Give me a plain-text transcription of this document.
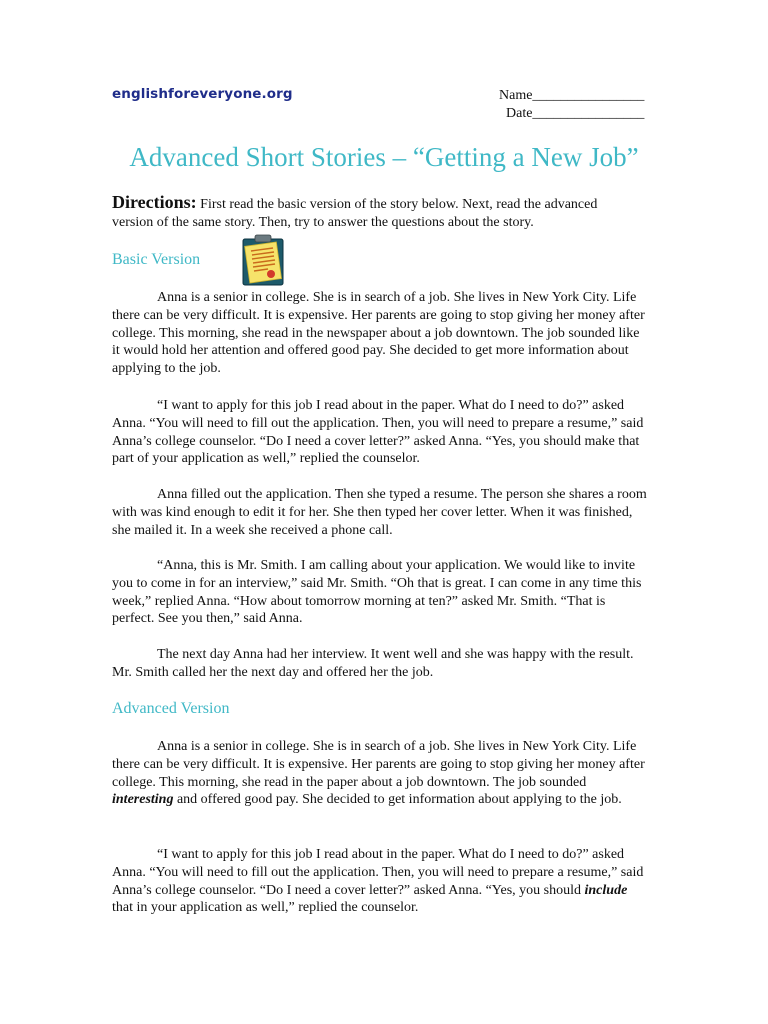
englishforeveryone.org	Name________________
Date________________
Advanced Short Stories – “Getting a New Job”
Directions: First read the basic version of the story below. Next, read the advanced version of the same story. Then, try to answer the questions about the story.
Basic Version

Anna is a senior in college. She is in search of a job. She lives in New York City. Life there can be very difficult. It is expensive. Her parents are going to stop giving her money after college. This morning, she read in the newspaper about a job downtown. The job sounded like it would hold her attention and offered good pay. She decided to get more information about applying to the job.

“I want to apply for this job I read about in the paper. What do I need to do?” asked Anna. “You will need to fill out the application. Then, you will need to prepare a resume,” said Anna’s college counselor. “Do I need a cover letter?” asked Anna. “Yes, you should make that part of your application as well,” replied the counselor.

Anna filled out the application. Then she typed a resume. The person she shares a room with was kind enough to edit it for her. She then typed her cover letter. When it was finished, she mailed it. In a week she received a phone call.

“Anna, this is Mr. Smith. I am calling about your application. We would like to invite you to come in for an interview,” said Mr. Smith. “Oh that is great. I can come in any time this week,” replied Anna. “How about tomorrow morning at ten?” asked Mr. Smith. “That is perfect. See you then,” said Anna.

The next day Anna had her interview. It went well and she was happy with the result. Mr. Smith called her the next day and offered her the job.

Advanced Version

Anna is a senior in college. She is in search of a job. She lives in New York City. Life there can be very difficult. It is expensive. Her parents are going to stop giving her money after college. This morning, she read in the paper about a job downtown. The job sounded interesting and offered good pay. She decided to get information about applying to the job.

“I want to apply for this job I read about in the paper. What do I need to do?” asked Anna. “You will need to fill out the application. Then, you will need to prepare a resume,” said Anna’s college counselor. “Do I need a cover letter?” asked Anna. “Yes, you should include that in your application as well,” replied the counselor.
